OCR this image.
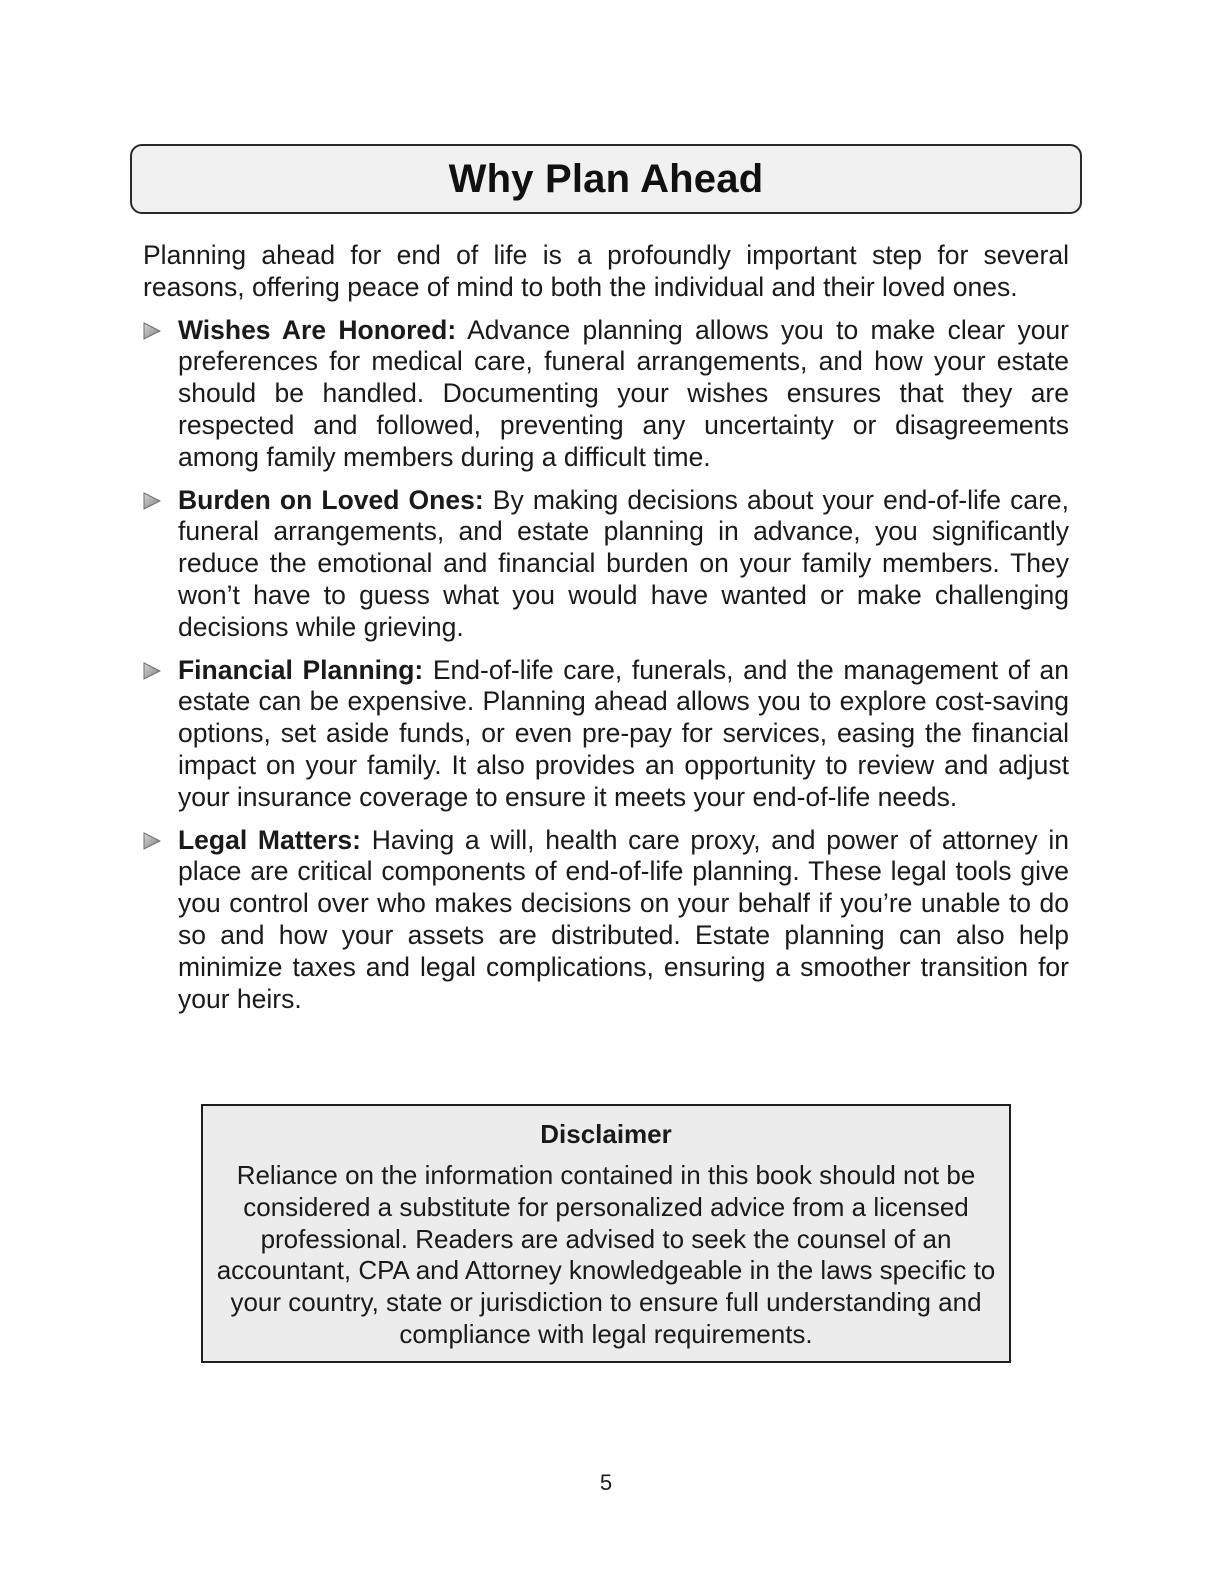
Why Plan Ahead

Planning ahead for end of life is a profoundly important step for several reasons, offering peace of mind to both the individual and their loved ones.

Wishes Are Honored: Advance planning allows you to make clear your preferences for medical care, funeral arrangements, and how your estate should be handled. Documenting your wishes ensures that they are respected and followed, preventing any uncertainty or disagreements among family members during a difficult time.
Burden on Loved Ones: By making decisions about your end-of-life care, funeral arrangements, and estate planning in advance, you significantly reduce the emotional and financial burden on your family members. They won’t have to guess what you would have wanted or make challenging decisions while grieving.
Financial Planning: End-of-life care, funerals, and the management of an estate can be expensive. Planning ahead allows you to explore cost-saving options, set aside funds, or even pre-pay for services, easing the financial impact on your family. It also provides an opportunity to review and adjust your insurance coverage to ensure it meets your end-of-life needs.
Legal Matters: Having a will, health care proxy, and power of attorney in place are critical components of end-of-life planning. These legal tools give you control over who makes decisions on your behalf if you’re unable to do so and how your assets are distributed. Estate planning can also help minimize taxes and legal complications, ensuring a smoother transition for your heirs.
Disclaimer

Reliance on the information contained in this book should not be considered a substitute for personalized advice from a licensed professional. Readers are advised to seek the counsel of an accountant, CPA and Attorney knowledgeable in the laws specific to your country, state or jurisdiction to ensure full understanding and compliance with legal requirements.

5
